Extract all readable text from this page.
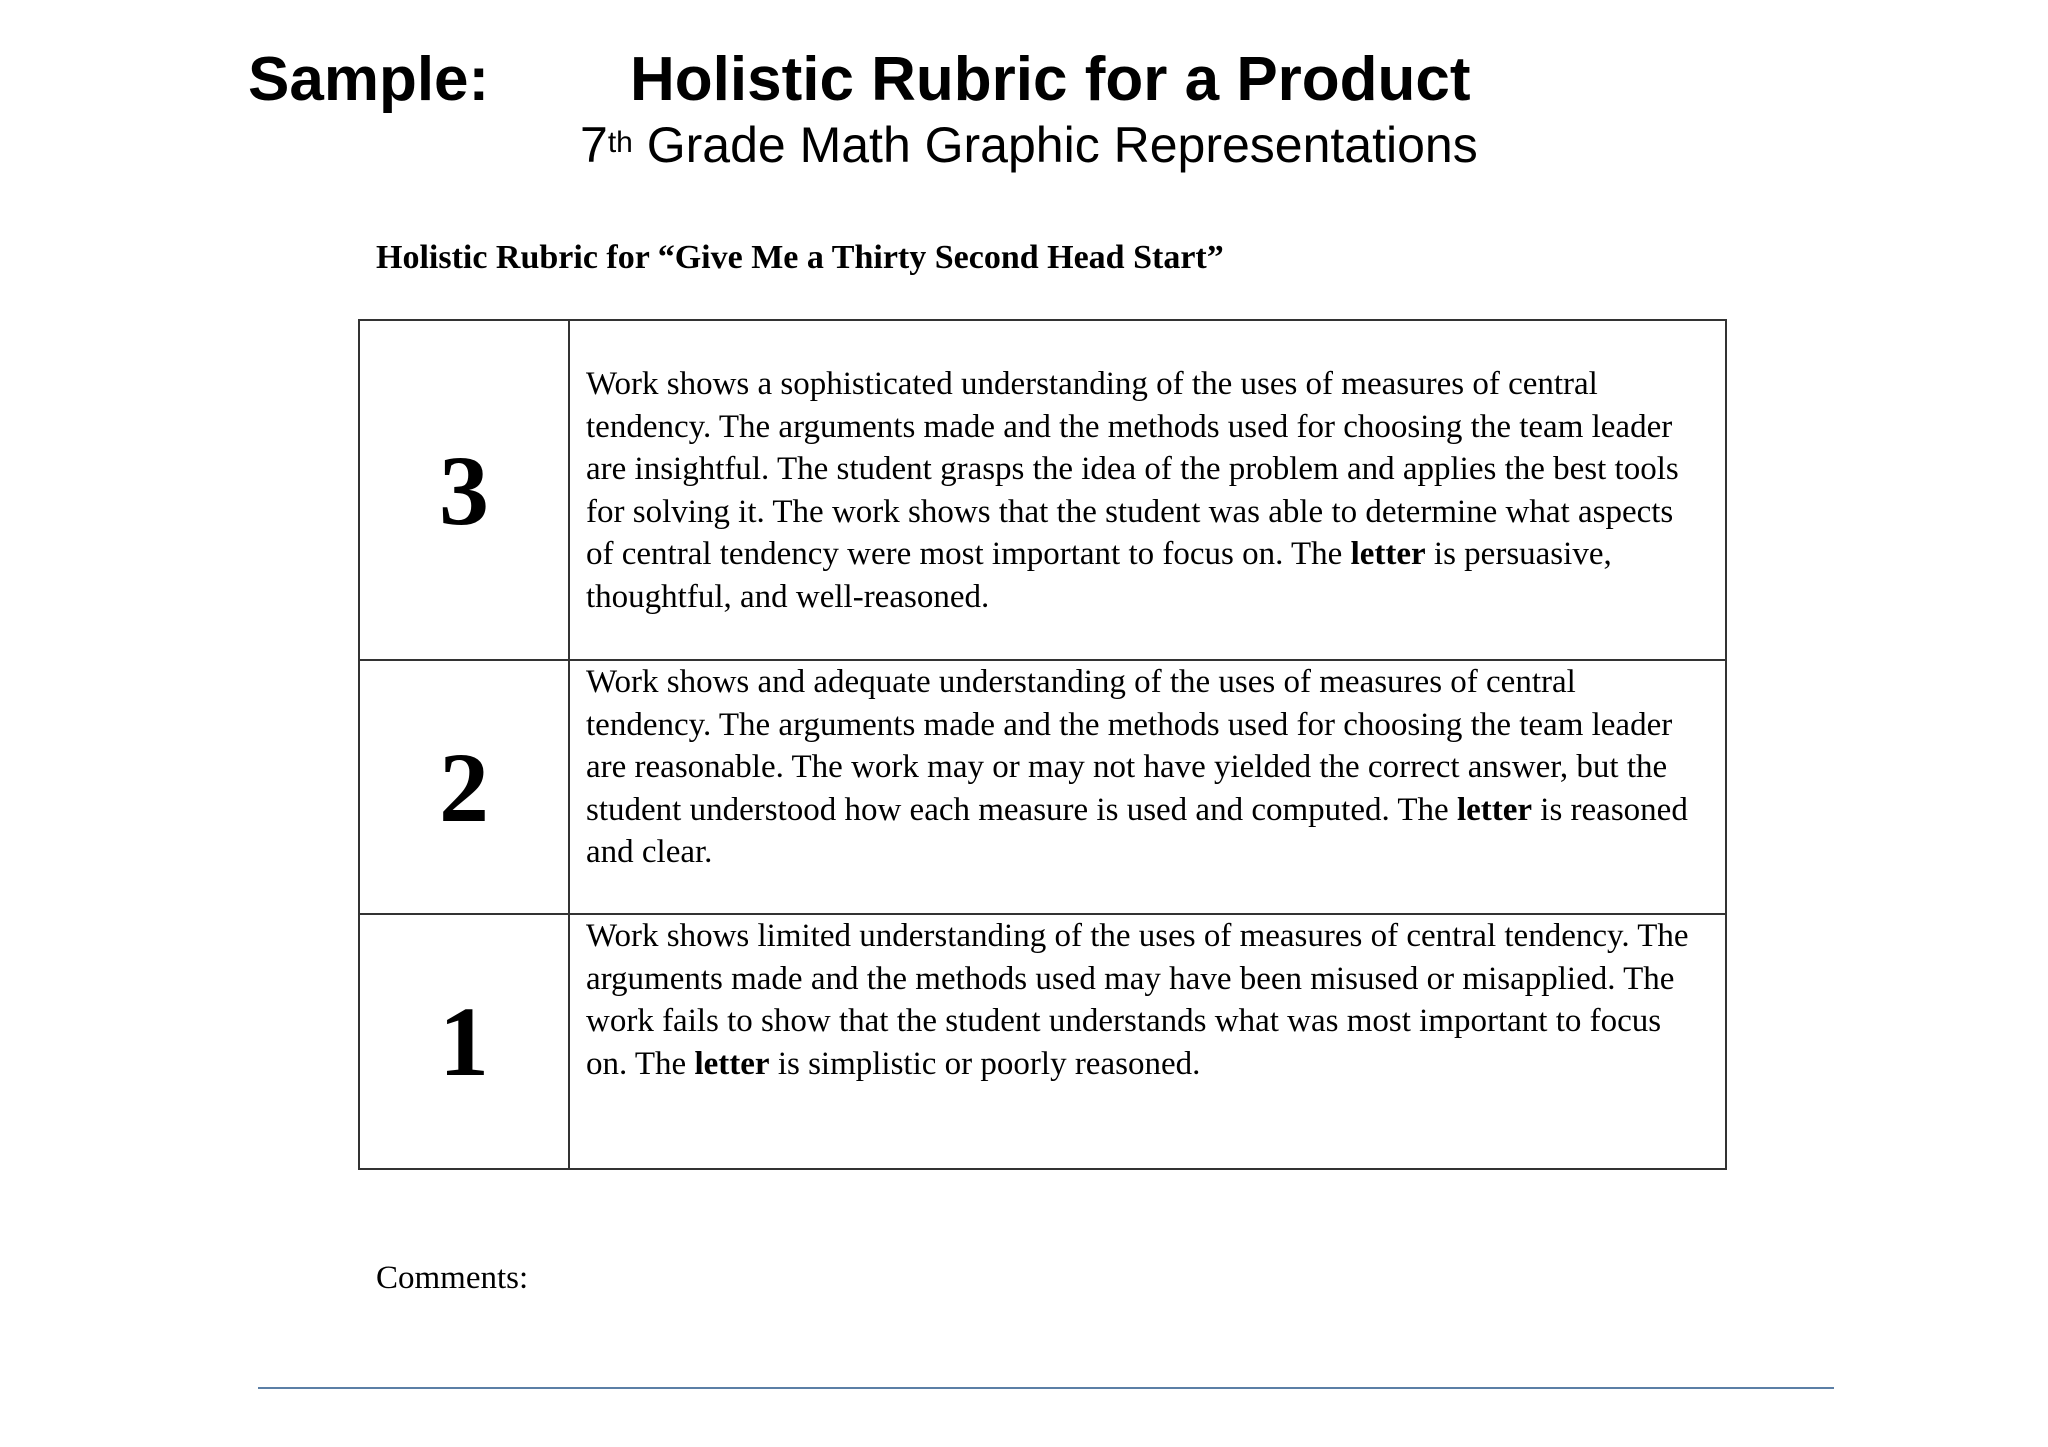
Sample: Holistic Rubric for a Product
7th Grade Math Graphic Representations
Holistic Rubric for “Give Me a Thirty Second Head Start”
3	Work shows a sophisticated understanding of the uses of measures of central tendency. The arguments made and the methods used for choosing the team leader are insightful. The student grasps the idea of the problem and applies the best tools for solving it. The work shows that the student was able to determine what aspects of central tendency were most important to focus on. The letter is persuasive, thoughtful, and well-reasoned.
2	Work shows and adequate understanding of the uses of measures of central tendency. The arguments made and the methods used for choosing the team leader are reasonable. The work may or may not have yielded the correct answer, but the student understood how each measure is used and computed. The letter is reasoned and clear.
1	Work shows limited understanding of the uses of measures of central tendency. The arguments made and the methods used may have been misused or misapplied. The work fails to show that the student understands what was most important to focus on. The letter is simplistic or poorly reasoned.
Comments:
